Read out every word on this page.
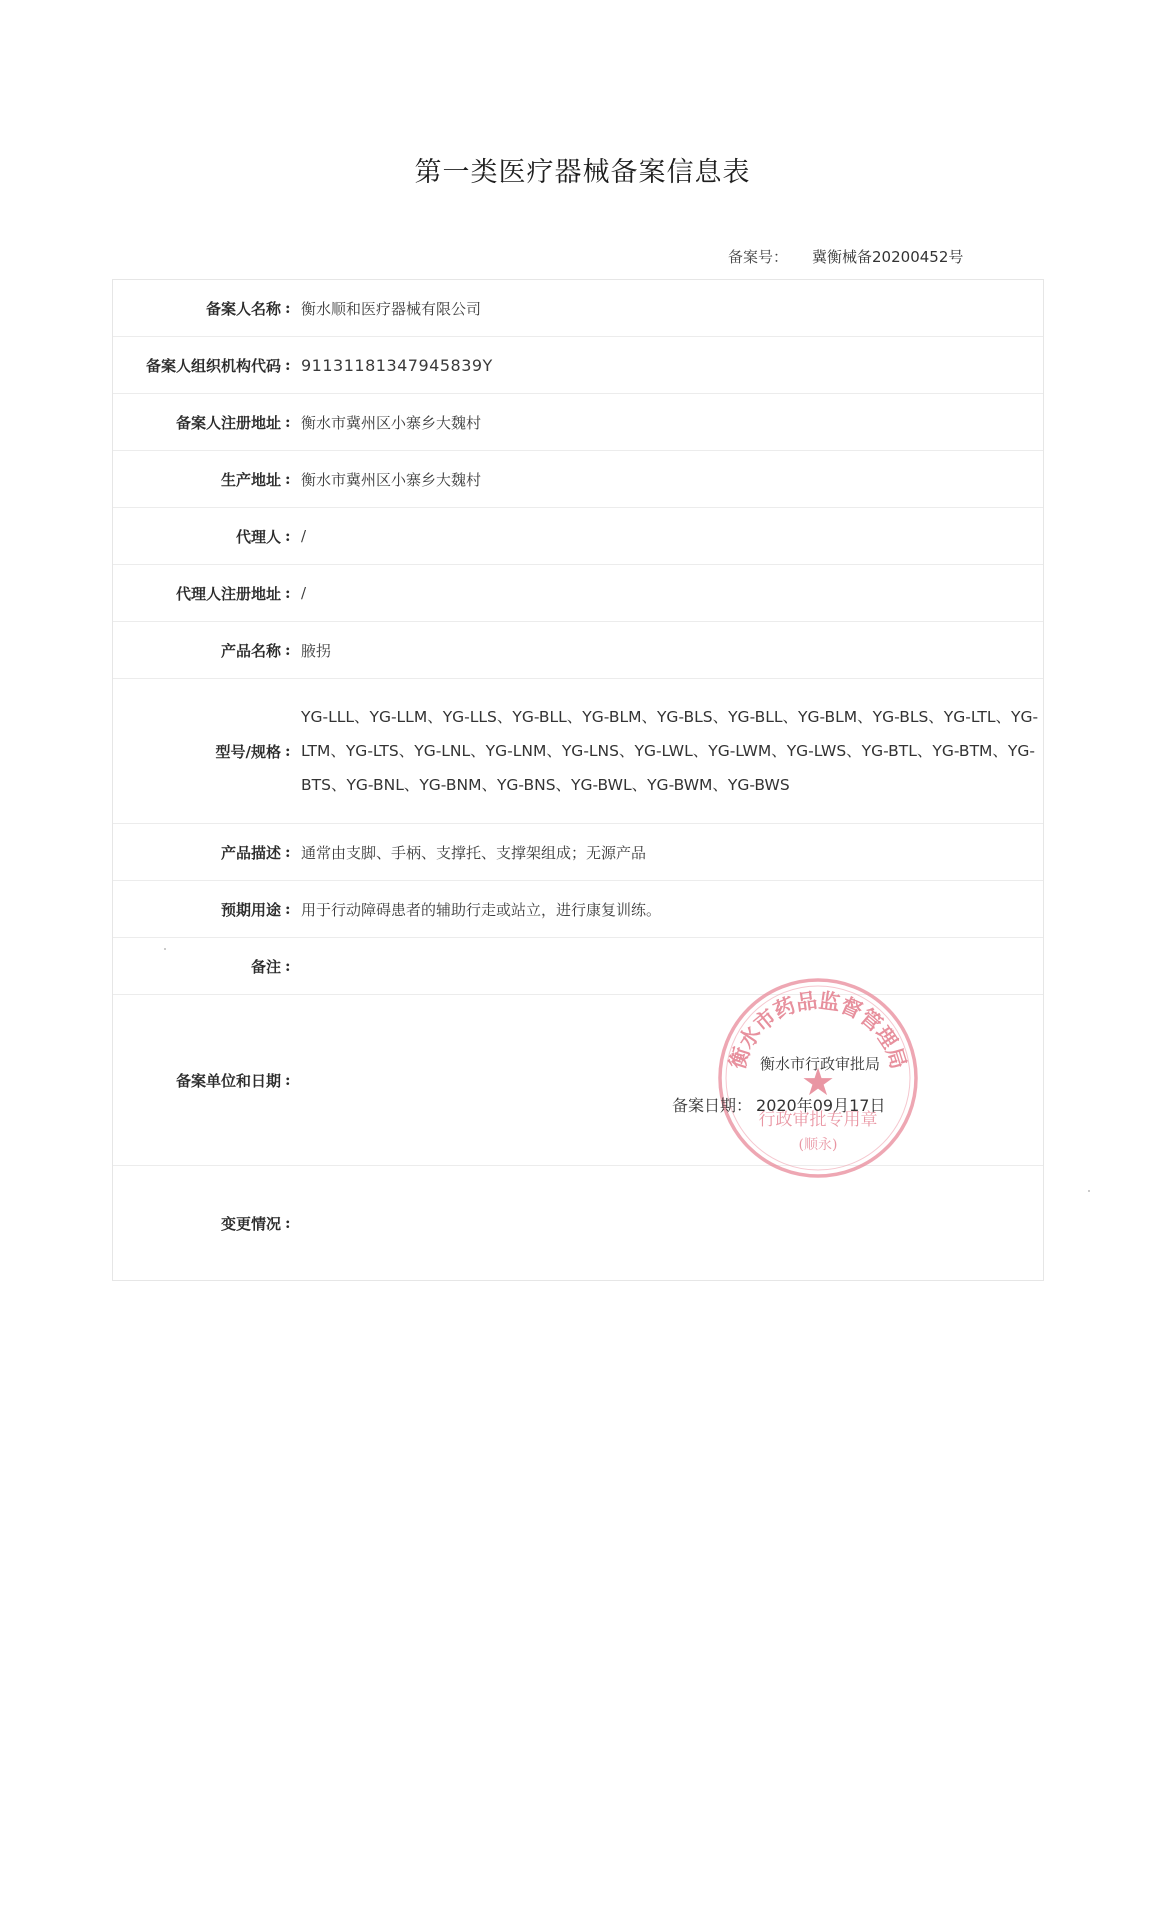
第一类医疗器械备案信息表
备案号： 冀衡械备20200452号
备案人名称 : 衡水顺和医疗器械有限公司
备案人组织机构代码 : 91131181347945839Y
备案人注册地址 : 衡水市冀州区小寨乡大魏村
生产地址 : 衡水市冀州区小寨乡大魏村
代理人 : /
代理人注册地址 : /
产品名称 : 腋拐
型号/规格 :
YG-LLL、YG-LLM、YG-LLS、YG-BLL、YG-BLM、YG-BLS、YG-BLL、YG-BLM、YG-BLS、YG-LTL、YG-LTM、YG-LTS、YG-LNL、YG-LNM、YG-LNS、YG-LWL、YG-LWM、YG-LWS、YG-BTL、YG-BTM、YG-BTS、YG-BNL、YG-BNM、YG-BNS、YG-BWL、YG-BWM、YG-BWS
产品描述 : 通常由支脚、手柄、支撑托、支撑架组成；无源产品
预期用途 : 用于行动障碍患者的辅助行走或站立，进行康复训练。
备注 :
备案单位和日期 :
变更情况 :
衡水市药品监督管理局
★
行政审批专用章
(顺永)
衡水市行政审批局
备案日期： 2020年09月17日
